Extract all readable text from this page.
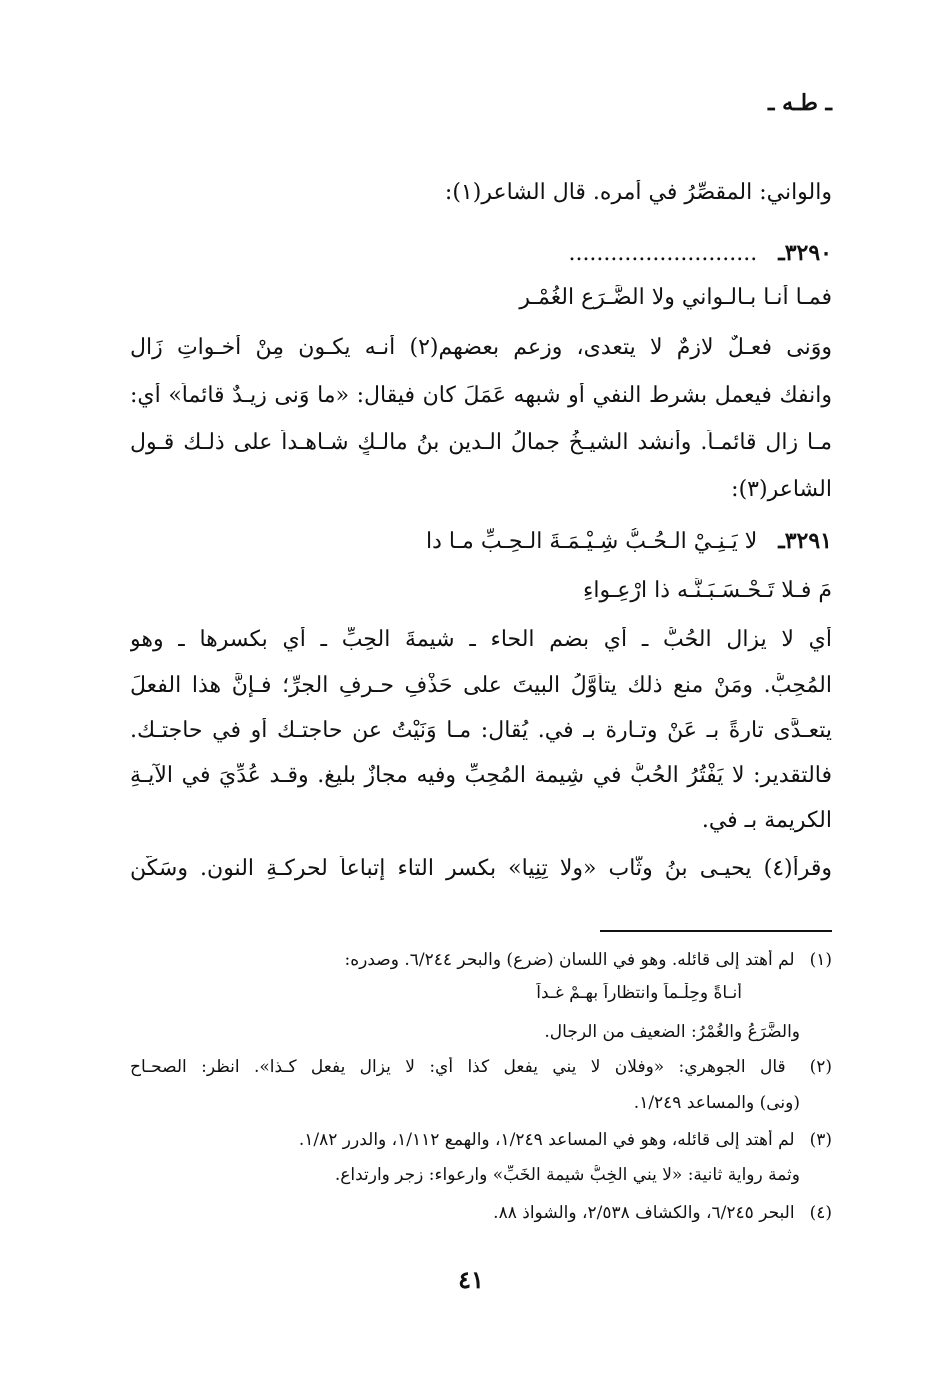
ـ طـه ـ
والواني: المقصِّرُ في أمره. قال الشاعر(١):
٣٢٩٠ـ ...........................
فمـا أنـا بـالـواني ولا الضَّـرَعِ الغُمْـرِ
ووَنى فعـلٌ لازمٌ لا يتعدى، وزعم بعضهم(٢) أنـه يكـون مِنْ أخـواتِ زَال
وانفك فيعمل بشرط النفيِ أو شبهِه عَمَلَ كان فيقال: «ما وَنى زيـدٌ قائماً» أي:
مـا زال قائمـاً. وأنشد الشيـخُ جمالُ الـدين بنُ مالـكٍ شـاهـداً على ذلـك قـول
الشاعر(٣):
٣٢٩١ـ لا يَـنِـيْ الـحُـبُّ شِـيْـمَـةَ الـحِـبِّ مـا دا
مَ فـلا تَـحْـسَـبَـنَّـه ذا ارْعِـواءِ
أي لا يزال الحُبُّ ـ أي بضم الحاء ـ شيمةَ الحِبِّ ـ أي بكسرِها ـ وهو
المُحِبُّ. ومَنْ منع ذلك يتأوَّلُ البيتَ على حَذْفِ حـرفِ الجرِّ؛ فـإنَّ هذا الفعلَ
يتعـدَّى تارةً بـ عَنْ وتـارة بـ في. يُقال: مـا وَنَيْتُ عن حاجتـك أو في حاجتـك.
فالتقدير: لا يَفْتُرُ الحُبُّ في شِيمة المُحِبِّ وفيه مجازٌ بليغ. وقـد عُدِّيَ في الآيـةِ
الكريمة بـ في.
وقرأ(٤) يحيـى بنُ وثَّاب «ولا تِنِيا» بكسر التاء إتباعاً لحركـةِ النون. وسَكَّن
(١) لم أهتد إلى قائله. وهو في اللسان (ضرع) والبحر ٦/٢٤٤. وصدره:
أنـاةً وحِلْـماً وانتظاراً بهـمْ غـداً
والضَّرَعُ والغُمْرُ: الضعيف من الرجال.
(٢) قال الجوهري: «وفلان لا يني يفعل كذا أي: لا يزال يفعل كـذا». انظر: الصحـاح
(ونى) والمساعد ١/٢٤٩.
(٣) لم أهتد إلى قائله، وهو في المساعد ١/٢٤٩، والهمع ١/١١٢، والدرر ١/٨٢.
وثمة رواية ثانية: «لا يني الخِبُّ شيمة الخَبِّ» وارعواء: زجر وارتداع.
(٤) البحر ٦/٢٤٥، والكشاف ٢/٥٣٨، والشواذ ٨٨.
٤١
